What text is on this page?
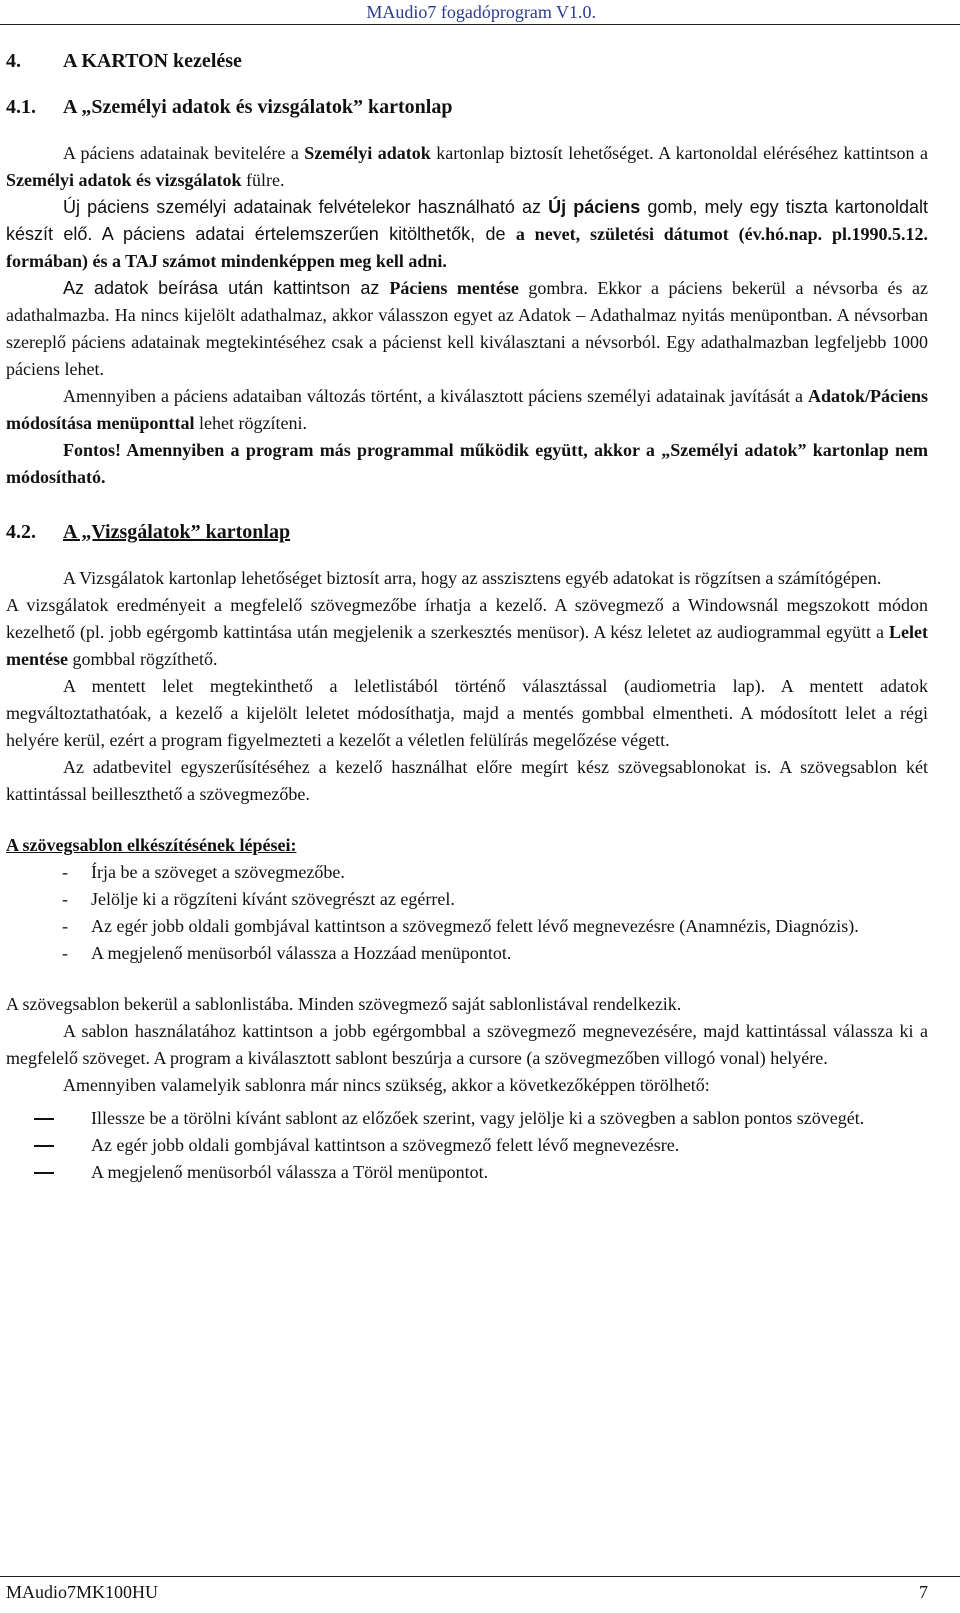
MAudio7 fogadóprogram V1.0.
4. A KARTON kezelése
4.1. A „Személyi adatok és vizsgálatok” kartonlap

A páciens adatainak bevitelére a Személyi adatok kartonlap biztosít lehetőséget. A kartonoldal eléréséhez kattintson a Személyi adatok és vizsgálatok fülre.

Új páciens személyi adatainak felvételekor használható az Új páciens gomb, mely egy tiszta kartonoldalt készít elő. A páciens adatai értelemszerűen kitölthetők, de a nevet, születési dátumot (év.hó.nap. pl.1990.5.12. formában) és a TAJ számot mindenképpen meg kell adni.

Az adatok beírása után kattintson az Páciens mentése gombra. Ekkor a páciens bekerül a névsorba és az adathalmazba. Ha nincs kijelölt adathalmaz, akkor válasszon egyet az Adatok – Adathalmaz nyitás menüpontban. A névsorban szereplő páciens adatainak megtekintéséhez csak a pácienst kell kiválasztani a névsorból. Egy adathalmazban legfeljebb 1000 páciens lehet.

Amennyiben a páciens adataiban változás történt, a kiválasztott páciens személyi adatainak javítását a Adatok/Páciens módosítása menüponttal lehet rögzíteni.

Fontos! Amennyiben a program más programmal működik együtt, akkor a „Személyi adatok” kartonlap nem módosítható.

4.2. A „Vizsgálatok” kartonlap

A Vizsgálatok kartonlap lehetőséget biztosít arra, hogy az asszisztens egyéb adatokat is rögzítsen a számítógépen.

A vizsgálatok eredményeit a megfelelő szövegmezőbe írhatja a kezelő. A szövegmező a Windowsnál megszokott módon kezelhető (pl. jobb egérgomb kattintása után megjelenik a szerkesztés menüsor). A kész leletet az audiogrammal együtt a Lelet mentése gombbal rögzíthető.

A mentett lelet megtekinthető a leletlistából történő választással (audiometria lap). A mentett adatok megváltoztathatóak, a kezelő a kijelölt leletet módosíthatja, majd a mentés gombbal elmentheti. A módosított lelet a régi helyére kerül, ezért a program figyelmezteti a kezelőt a véletlen felülírás megelőzése végett.

Az adatbevitel egyszerűsítéséhez a kezelő használhat előre megírt kész szövegsablonokat is. A szövegsablon két kattintással beilleszthető a szövegmezőbe.

A szövegsablon elkészítésének lépései:
- Írja be a szöveget a szövegmezőbe.
- Jelölje ki a rögzíteni kívánt szövegrészt az egérrel.
- Az egér jobb oldali gombjával kattintson a szövegmező felett lévő megnevezésre (Anamnézis, Diagnózis).
- A megjelenő menüsorból válassza a Hozzáad menüpontot.

A szövegsablon bekerül a sablonlistába. Minden szövegmező saját sablonlistával rendelkezik.

A sablon használatához kattintson a jobb egérgombbal a szövegmező megnevezésére, majd kattintással válassza ki a megfelelő szöveget. A program a kiválasztott sablont beszúrja a cursore (a szövegmezőben villogó vonal) helyére.

Amennyiben valamelyik sablonra már nincs szükség, akkor a következőképpen törölhető:

Illessze be a törölni kívánt sablont az előzőek szerint, vagy jelölje ki a szövegben a sablon pontos szövegét.
Az egér jobb oldali gombjával kattintson a szövegmező felett lévő megnevezésre.
A megjelenő menüsorból válassza a Töröl menüpontot.
MAudio7MK100HU	7
